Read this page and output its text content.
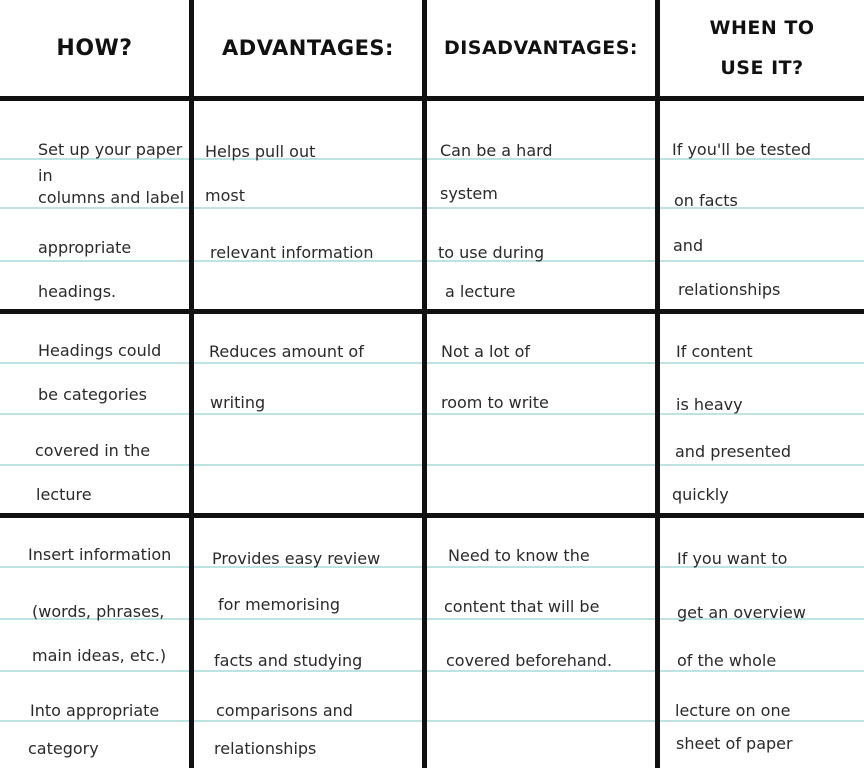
HOW?	ADVANTAGES:	DISADVANTAGES:
WHEN TO
USE IT?
Set up your paper
in
columns and label
appropriate
headings.
Helps pull out
most
relevant information
Can be a hard
system
to use during
a lecture
If you'll be tested
on facts
and
relationships
Headings could
be categories
covered in the
lecture
Reduces amount of
writing
Not a lot of
room to write
If content
is heavy
and presented
quickly
Insert information
(words, phrases,
main ideas, etc.)
Into appropriate
category
Provides easy review
for memorising
facts and studying
comparisons and
relationships
Need to know the
content that will be
covered beforehand.
If you want to
get an overview
of the whole
lecture on one
sheet of paper
